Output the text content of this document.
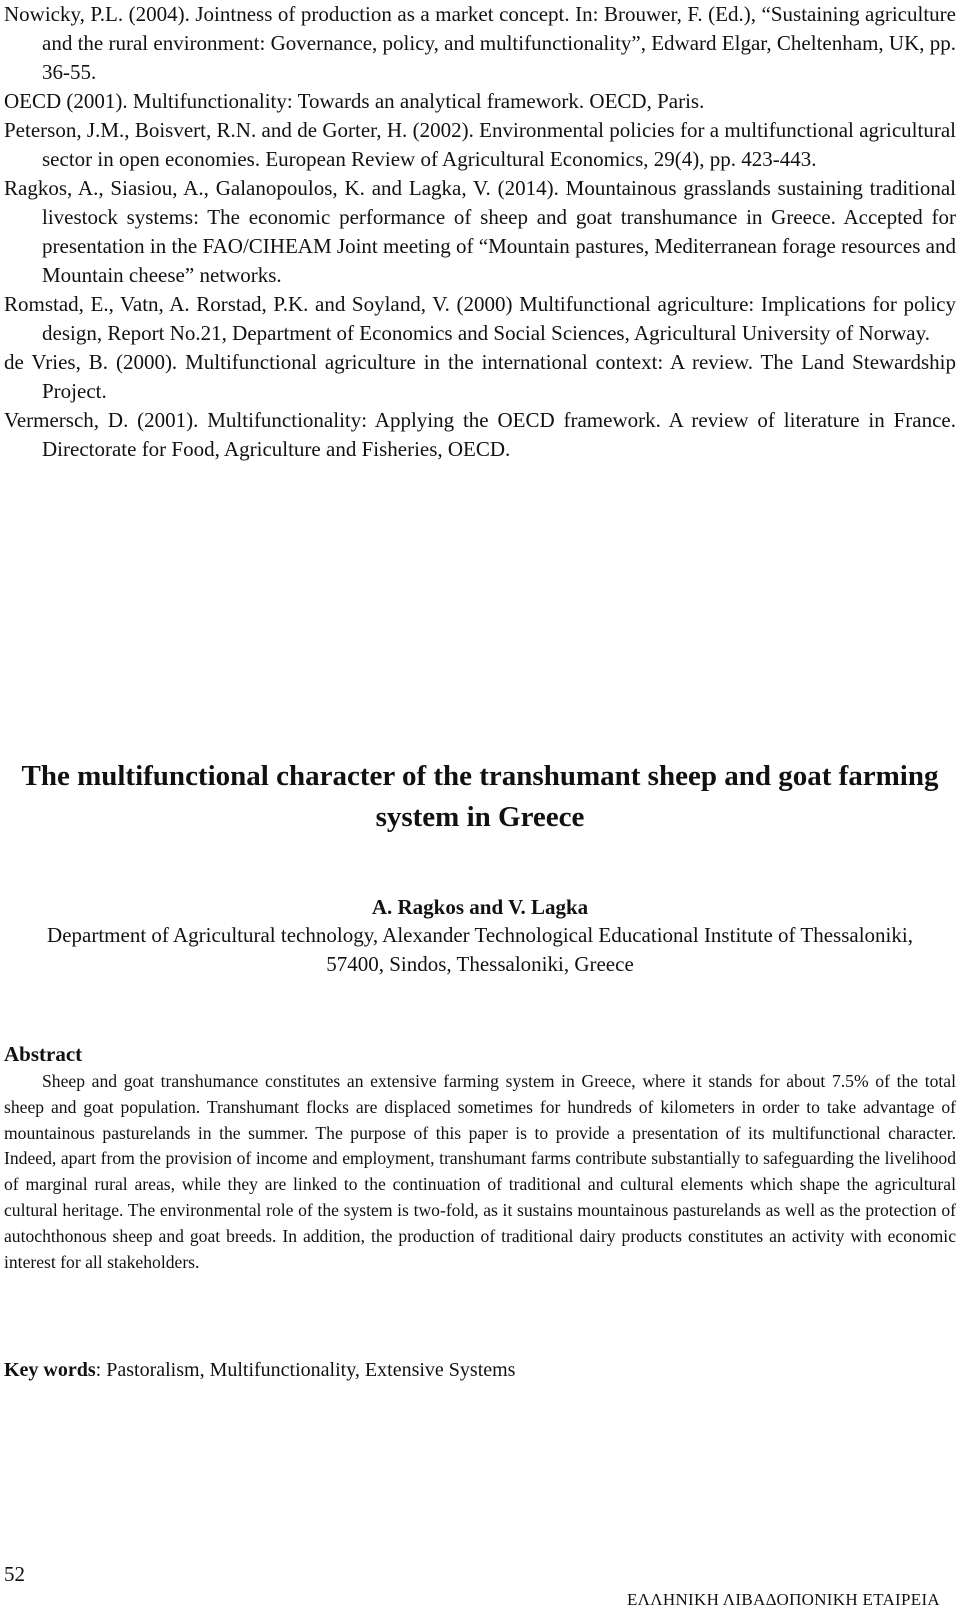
Nowicky, P.L. (2004). Jointness of production as a market concept. In: Brouwer, F. (Ed.), “Sustaining agriculture and the rural environment: Governance, policy, and multifunctionality”, Edward Elgar, Cheltenham, UK, pp. 36-55.

OECD (2001). Multifunctionality: Towards an analytical framework. OECD, Paris.

Peterson, J.M., Boisvert, R.N. and de Gorter, H. (2002). Environmental policies for a multifunctional agricultural sector in open economies. European Review of Agricultural Economics, 29(4), pp. 423-443.

Ragkos, A., Siasiou, A., Galanopoulos, K. and Lagka, V. (2014). Mountainous grasslands sustaining traditional livestock systems: The economic performance of sheep and goat transhumance in Greece. Accepted for presentation in the FAO/CIHEAM Joint meeting of “Mountain pastures, Mediterranean forage resources and Mountain cheese” networks.

Romstad, E., Vatn, A. Rorstad, P.K. and Soyland, V. (2000) Multifunctional agriculture: Implications for policy design, Report No.21, Department of Economics and Social Sciences, Agricultural University of Norway.

de Vries, B. (2000). Multifunctional agriculture in the international context: A review. The Land Stewardship Project.

Vermersch, D. (2001). Multifunctionality: Applying the OECD framework. A review of literature in France. Directorate for Food, Agriculture and Fisheries, OECD.

The multifunctional character of the transhumant sheep and goat farming system in Greece

A. Ragkos and V. Lagka

Department of Agricultural technology, Alexander Technological Educational Institute of Thessaloniki, 57400, Sindos, Thessaloniki, Greece

Abstract

Sheep and goat transhumance constitutes an extensive farming system in Greece, where it stands for about 7.5% of the total sheep and goat population. Transhumant flocks are displaced sometimes for hundreds of kilometers in order to take advantage of mountainous pasturelands in the summer. The purpose of this paper is to provide a presentation of its multifunctional character. Indeed, apart from the provision of income and employment, transhumant farms contribute substantially to safeguarding the livelihood of marginal rural areas, while they are linked to the continuation of traditional and cultural elements which shape the agricultural cultural heritage. The environmental role of the system is two-fold, as it sustains mountainous pasturelands as well as the protection of autochthonous sheep and goat breeds. In addition, the production of traditional dairy products constitutes an activity with economic interest for all stakeholders.

Key words: Pastoralism, Multifunctionality, Extensive Systems

52

ΕΛΛΗΝΙΚΗ ΛΙΒΑΔΟΠΟΝΙΚΗ ΕΤΑΙΡΕΙΑ
